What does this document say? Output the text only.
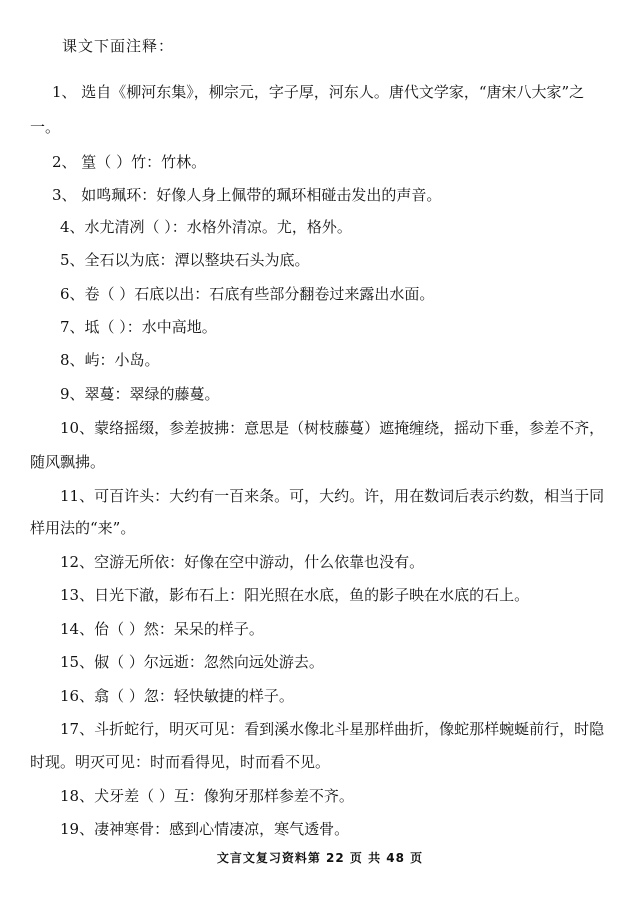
课文下面注释：
1、 选自《柳河东集》，柳宗元，字子厚，河东人。唐代文学家，“唐宋八大家”之
一。
2、 篁（ ）竹：竹林。
3、 如鸣珮环：好像人身上佩带的珮环相碰击发出的声音。
4、水尤清冽（ ）：水格外清凉。尤，格外。
5、全石以为底：潭以整块石头为底。
6、卷（ ）石底以出：石底有些部分翻卷过来露出水面。
7、坻（ ）：水中高地。
8、屿：小岛。
9、翠蔓：翠绿的藤蔓。
10、蒙络摇缀，参差披拂：意思是（树枝藤蔓）遮掩缠绕，摇动下垂，参差不齐，
随风飘拂。
11、可百许头：大约有一百来条。可，大约。许，用在数词后表示约数，相当于同
样用法的“来”。
12、空游无所依：好像在空中游动，什么依靠也没有。
13、日光下澈，影布石上：阳光照在水底，鱼的影子映在水底的石上。
14、佁（ ）然：呆呆的样子。
15、俶（ ）尔远逝：忽然向远处游去。
16、翕（ ）忽：轻快敏捷的样子。
17、斗折蛇行，明灭可见：看到溪水像北斗星那样曲折，像蛇那样蜿蜒前行，时隐
时现。明灭可见：时而看得见，时而看不见。
18、犬牙差（ ）互：像狗牙那样参差不齐。
19、凄神寒骨：感到心情凄凉，寒气透骨。
文言文复习资料第 22 页 共 48 页
